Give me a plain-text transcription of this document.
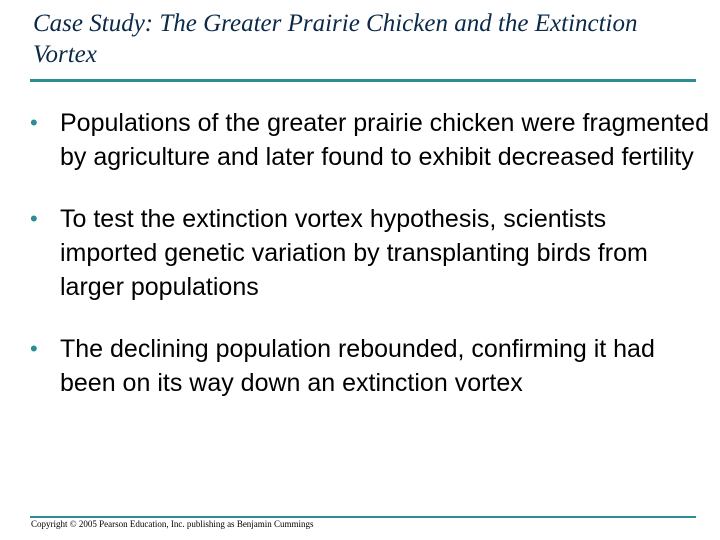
Case Study: The Greater Prairie Chicken and the Extinction Vortex
• Populations of the greater prairie chicken were fragmented by agriculture and later found to exhibit decreased fertility
• To test the extinction vortex hypothesis, scientists imported genetic variation by transplanting birds from larger populations
• The declining population rebounded, confirming it had been on its way down an extinction vortex
Copyright © 2005 Pearson Education, Inc. publishing as Benjamin Cummings
